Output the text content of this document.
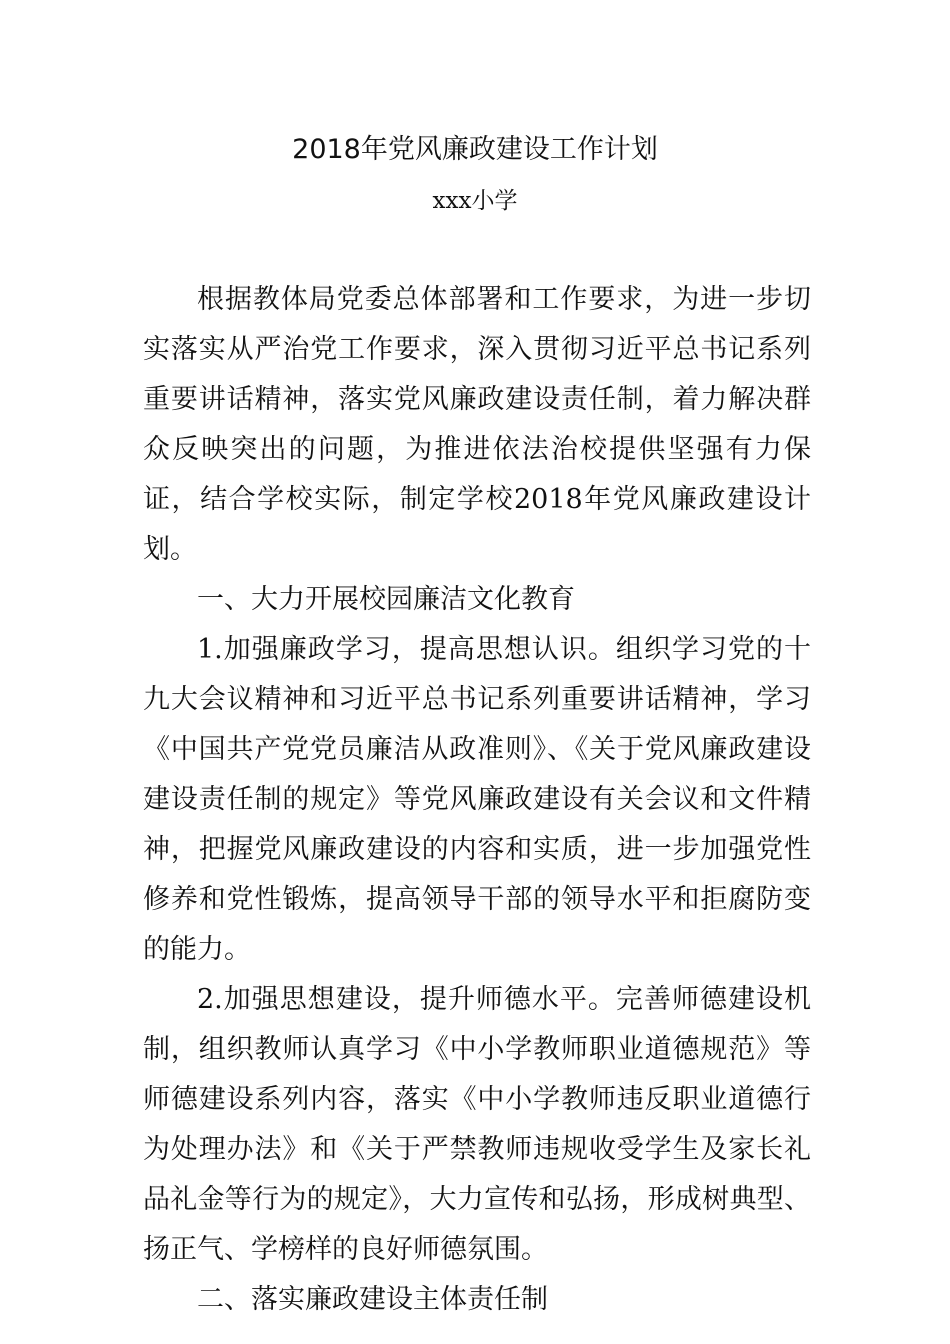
2018年党风廉政建设工作计划
xxx小学

根据教体局党委总体部署和工作要求，为进一步切实落实从严治党工作要求，深入贯彻习近平总书记系列重要讲话精神，落实党风廉政建设责任制，着力解决群众反映突出的问题，为推进依法治校提供坚强有力保证，结合学校实际，制定学校2018年党风廉政建设计划。

一、大力开展校园廉洁文化教育

1.加强廉政学习，提高思想认识。组织学习党的十九大会议精神和习近平总书记系列重要讲话精神，学习《中国共产党党员廉洁从政准则》、《关于党风廉政建设建设责任制的规定》等党风廉政建设有关会议和文件精神，把握党风廉政建设的内容和实质，进一步加强党性修养和党性锻炼，提高领导干部的领导水平和拒腐防变的能力。

2.加强思想建设，提升师德水平。完善师德建设机制，组织教师认真学习《中小学教师职业道德规范》等师德建设系列内容，落实《中小学教师违反职业道德行为处理办法》和《关于严禁教师违规收受学生及家长礼品礼金等行为的规定》，大力宣传和弘扬，形成树典型、扬正气、学榜样的良好师德氛围。

二、落实廉政建设主体责任制
